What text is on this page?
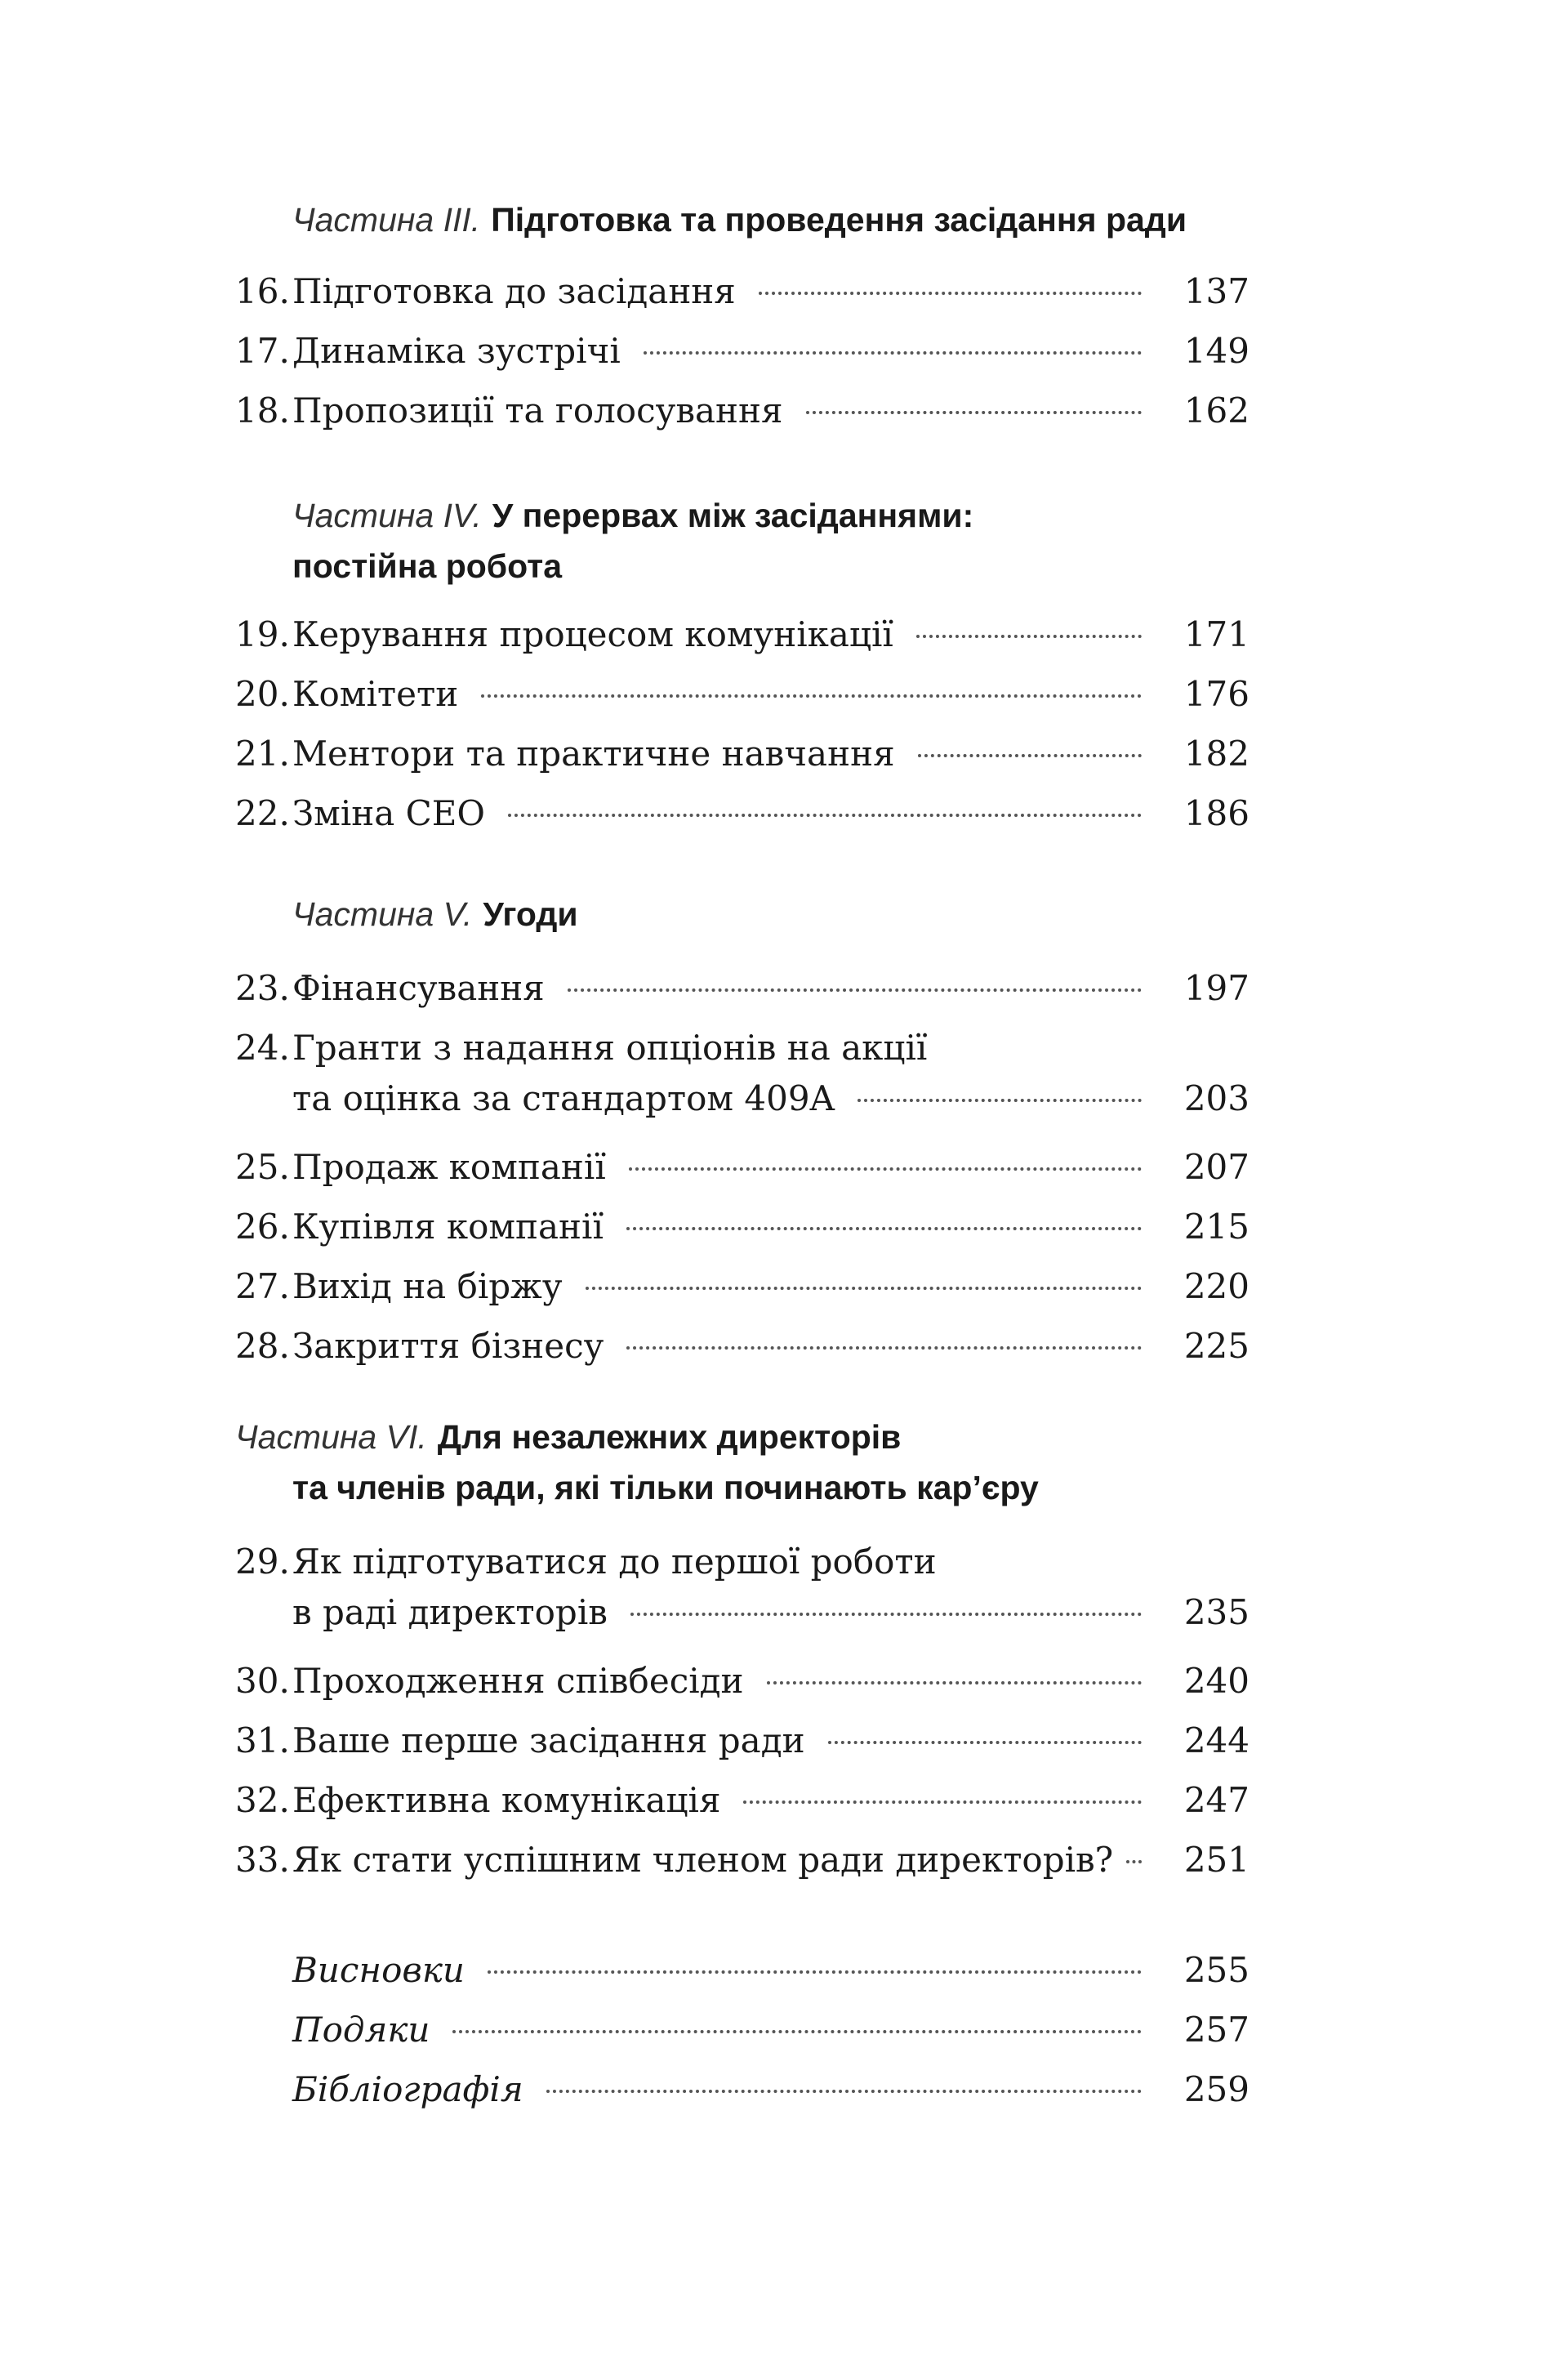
Частина III. Підготовка та проведення засідання ради
16. Підготовка до засідання	137
17. Динаміка зустрічі	149
18. Пропозиції та голосування	162
Частина IV. У перервах між засіданнями:
постійна робота
19. Керування процесом комунікації	171
20. Комітети	176
21. Ментори та практичне навчання	182
22. Зміна CEO	186
Частина V. Угоди
23. Фінансування	197
24. Гранти з надання опціонів на акції
та оцінка за стандартом 409A	203
25. Продаж компанії	207
26. Купівля компанії	215
27. Вихід на біржу	220
28. Закриття бізнесу	225
Частина VI. Для незалежних директорів
та членів ради, які тільки починають кар’єру
29. Як підготуватися до першої роботи
в раді директорів	235
30. Проходження співбесіди	240
31. Ваше перше засідання ради	244
32. Ефективна комунікація	247
33. Як стати успішним членом ради директорів?	251
Висновки	255
Подяки	257
Бібліографія	259
